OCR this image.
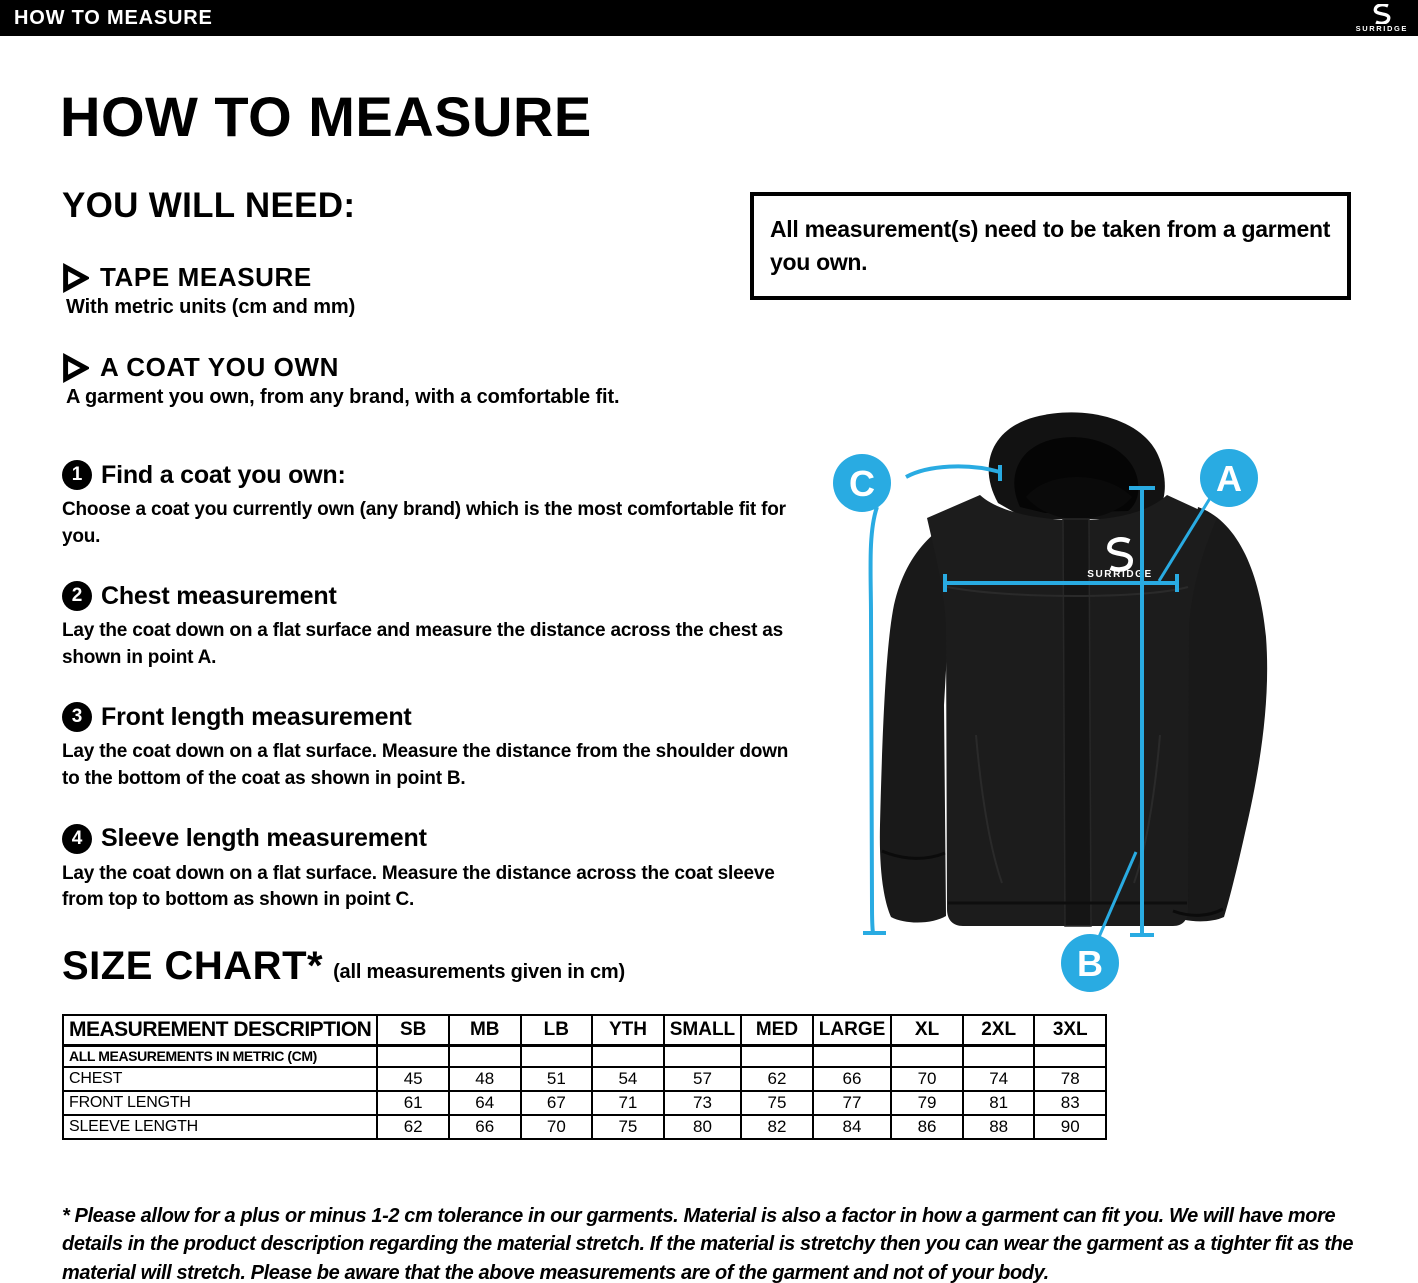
HOW TO MEASURE	SURRIDGE
HOW TO MEASURE
YOU WILL NEED:
TAPE MEASURE
With metric units (cm and mm)
A COAT YOU OWN
A garment you own, from any brand, with a comfortable fit.

All measurement(s) need to be taken from a garment you own.

1 Find a coat you own:

Choose a coat you currently own (any brand) which is the most comfortable fit for you.

2 Chest measurement

Lay the coat down on a flat surface and measure the distance across the chest as shown in point A.

3 Front length measurement

Lay the coat down on a flat surface. Measure the distance from the shoulder down to the bottom of the coat as shown in point B.

4 Sleeve length measurement

Lay the coat down on a flat surface. Measure the distance across the coat sleeve from top to bottom as shown in point C.

SURRIDGE
A
B
C
SIZE CHART* (all measurements given in cm)
MEASUREMENT DESCRIPTION	SB	MB	LB	YTH	SMALL	MED	LARGE	XL	2XL	3XL
ALL MEASUREMENTS IN METRIC (CM)										
CHEST	45	48	51	54	57	62	66	70	74	78
FRONT LENGTH	61	64	67	71	73	75	77	79	81	83
SLEEVE LENGTH	62	66	70	75	80	82	84	86	88	90

* Please allow for a plus or minus 1-2 cm tolerance in our garments. Material is also a factor in how a garment can fit you. We will have more details in the product description regarding the material stretch. If the material is stretchy then you can wear the garment as a tighter fit as the material will stretch. Please be aware that the above measurements are of the garment and not of your body.
